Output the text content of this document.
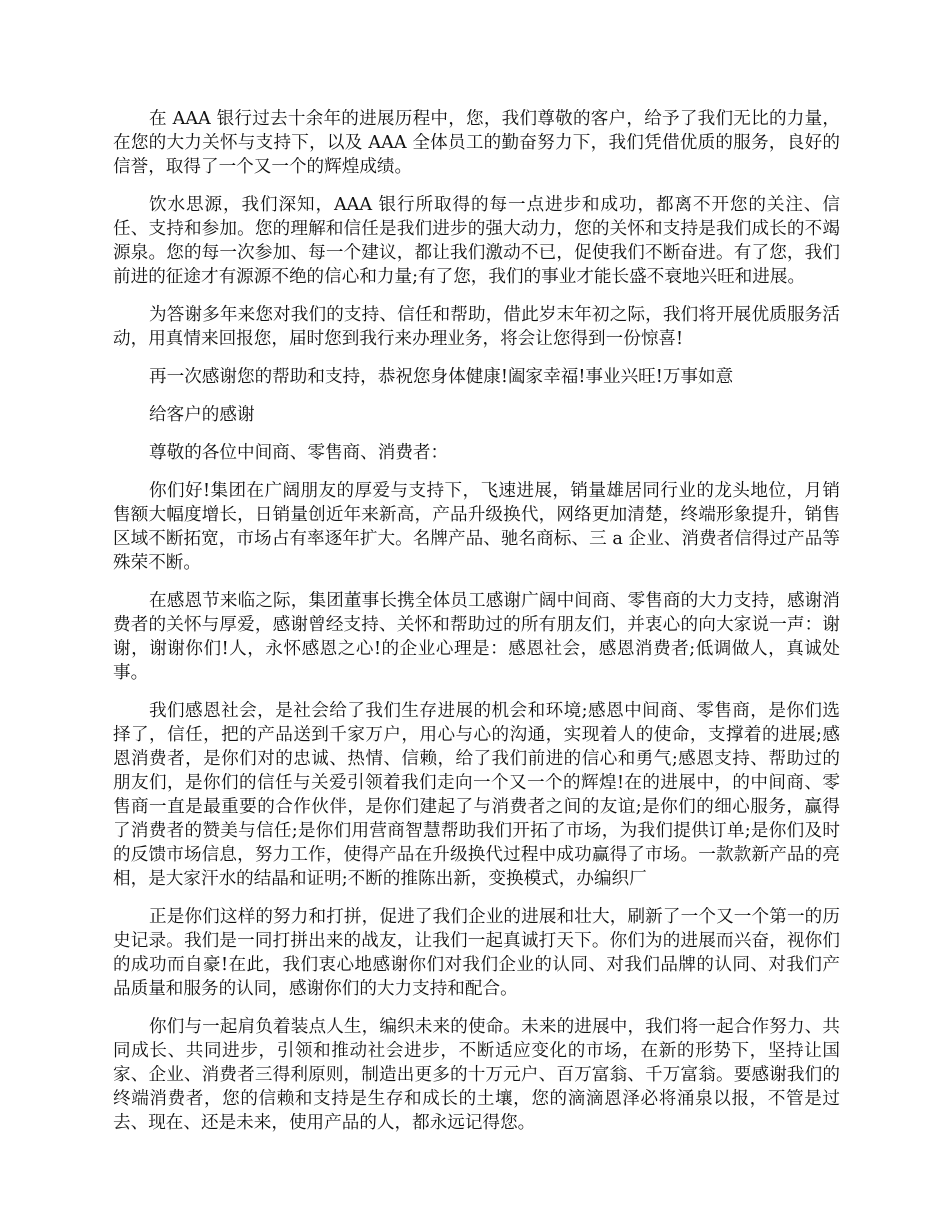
在 AAA 银行过去十余年的进展历程中，您，我们尊敬的客户，给予了我们无比的力量，在您的大力关怀与支持下，以及 AAA 全体员工的勤奋努力下，我们凭借优质的服务，良好的信誉，取得了一个又一个的辉煌成绩。

饮水思源，我们深知，AAA 银行所取得的每一点进步和成功，都离不开您的关注、信任、支持和参加。您的理解和信任是我们进步的强大动力，您的关怀和支持是我们成长的不竭源泉。您的每一次参加、每一个建议，都让我们激动不已，促使我们不断奋进。有了您，我们前进的征途才有源源不绝的信心和力量;有了您，我们的事业才能长盛不衰地兴旺和进展。

为答谢多年来您对我们的支持、信任和帮助，借此岁末年初之际，我们将开展优质服务活动，用真情来回报您，届时您到我行来办理业务，将会让您得到一份惊喜!

再一次感谢您的帮助和支持，恭祝您身体健康!阖家幸福!事业兴旺!万事如意

给客户的感谢

尊敬的各位中间商、零售商、消费者：

你们好!集团在广阔朋友的厚爱与支持下，飞速进展，销量雄居同行业的龙头地位，月销售额大幅度增长，日销量创近年来新高，产品升级换代，网络更加清楚，终端形象提升，销售区域不断拓宽，市场占有率逐年扩大。名牌产品、驰名商标、三 a 企业、消费者信得过产品等殊荣不断。

在感恩节来临之际，集团董事长携全体员工感谢广阔中间商、零售商的大力支持，感谢消费者的关怀与厚爱，感谢曾经支持、关怀和帮助过的所有朋友们，并衷心的向大家说一声：谢谢，谢谢你们!人，永怀感恩之心!的企业心理是：感恩社会，感恩消费者;低调做人，真诚处事。

我们感恩社会，是社会给了我们生存进展的机会和环境;感恩中间商、零售商，是你们选择了，信任，把的产品送到千家万户，用心与心的沟通，实现着人的使命，支撑着的进展;感恩消费者，是你们对的忠诚、热情、信赖，给了我们前进的信心和勇气;感恩支持、帮助过的朋友们，是你们的信任与关爱引领着我们走向一个又一个的辉煌!在的进展中，的中间商、零售商一直是最重要的合作伙伴，是你们建起了与消费者之间的友谊;是你们的细心服务，赢得了消费者的赞美与信任;是你们用营商智慧帮助我们开拓了市场，为我们提供订单;是你们及时的反馈市场信息，努力工作，使得产品在升级换代过程中成功赢得了市场。一款款新产品的亮相，是大家汗水的结晶和证明;不断的推陈出新，变换模式，办编织厂

正是你们这样的努力和打拼，促进了我们企业的进展和壮大，刷新了一个又一个第一的历史记录。我们是一同打拼出来的战友，让我们一起真诚打天下。你们为的进展而兴奋，视你们的成功而自豪!在此，我们衷心地感谢你们对我们企业的认同、对我们品牌的认同、对我们产品质量和服务的认同，感谢你们的大力支持和配合。

你们与一起肩负着装点人生，编织未来的使命。未来的进展中，我们将一起合作努力、共同成长、共同进步，引领和推动社会进步，不断适应变化的市场，在新的形势下，坚持让国家、企业、消费者三得利原则，制造出更多的十万元户、百万富翁、千万富翁。要感谢我们的终端消费者，您的信赖和支持是生存和成长的土壤，您的滴滴恩泽必将涌泉以报，不管是过去、现在、还是未来，使用产品的人，都永远记得您。
